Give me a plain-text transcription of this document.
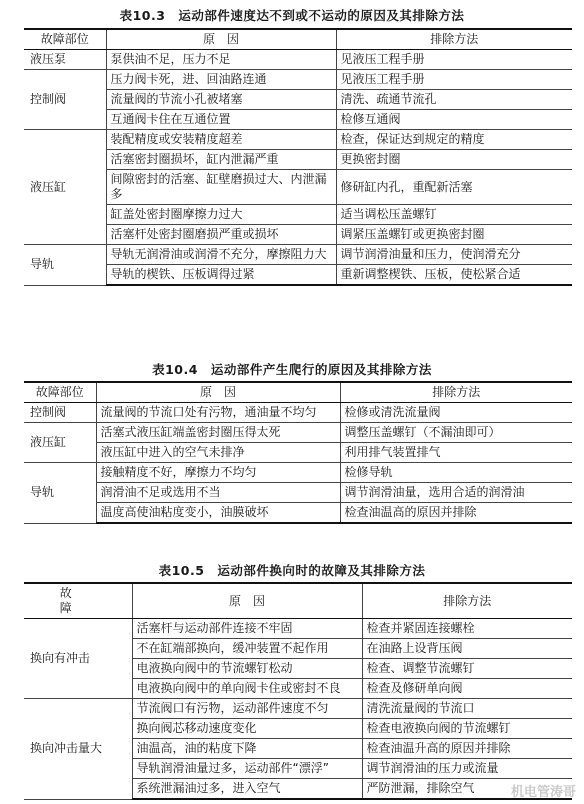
表10.3　运动部件速度达不到或不运动的原因及其排除方法
故障部位	原　因	排除方法
液压泵	泵供油不足，压力不足	见液压工程手册
控制阀	压力阀卡死，进、回油路连通	见液压工程手册
	流量阀的节流小孔被堵塞	清洗、疏通节流孔
	互通阀卡住在互通位置	检修互通阀
液压缸	装配精度或安装精度超差	检查，保证达到规定的精度
	活塞密封圈损坏，缸内泄漏严重	更换密封圈
	间隙密封的活塞、缸壁磨损过大、内泄漏多	修研缸内孔，重配新活塞
	缸盖处密封圈摩擦力过大	适当调松压盖螺钉
	活塞杆处密封圈磨损严重或损坏	调紧压盖螺钉或更换密封圈
导轨	导轨无润滑油或润滑不充分，摩擦阻力大	调节润滑油量和压力，使润滑充分
	导轨的楔铁、压板调得过紧	重新调整楔铁、压板，使松紧合适
表10.4　运动部件产生爬行的原因及其排除方法
故障部位	原　因	排除方法
控制阀	流量阀的节流口处有污物，通油量不均匀	检修或清洗流量阀
液压缸	活塞式液压缸端盖密封圈压得太死	调整压盖螺钉（不漏油即可）
	液压缸中进入的空气未排净	利用排气装置排气
导轨	接触精度不好，摩擦力不均匀	检修导轨
	润滑油不足或选用不当	调节润滑油量，选用合适的润滑油
	温度高使油粘度变小，油膜破坏	检查油温高的原因并排除
表10.5　运动部件换向时的故障及其排除方法
故　障	原　因	排除方法
换向有冲击	活塞杆与运动部件连接不牢固	检查并紧固连接螺栓
	不在缸端部换向，缓冲装置不起作用	在油路上设背压阀
	电液换向阀中的节流螺钉松动	检查、调整节流螺钉
	电液换向阀中的单向阀卡住或密封不良	检查及修研单向阀
换向冲击量大	节流阀口有污物，运动部件速度不匀	清洗流量阀的节流口
	换向阀芯移动速度变化	检查电液换向阀的节流螺钉
	油温高，油的粘度下降	检查油温升高的原因并排除
	导轨润滑油量过多，运动部件“漂浮”	调节润滑油的压力或流量
	系统泄漏油过多，进入空气	严防泄漏，排除空气	机电管涛哥
